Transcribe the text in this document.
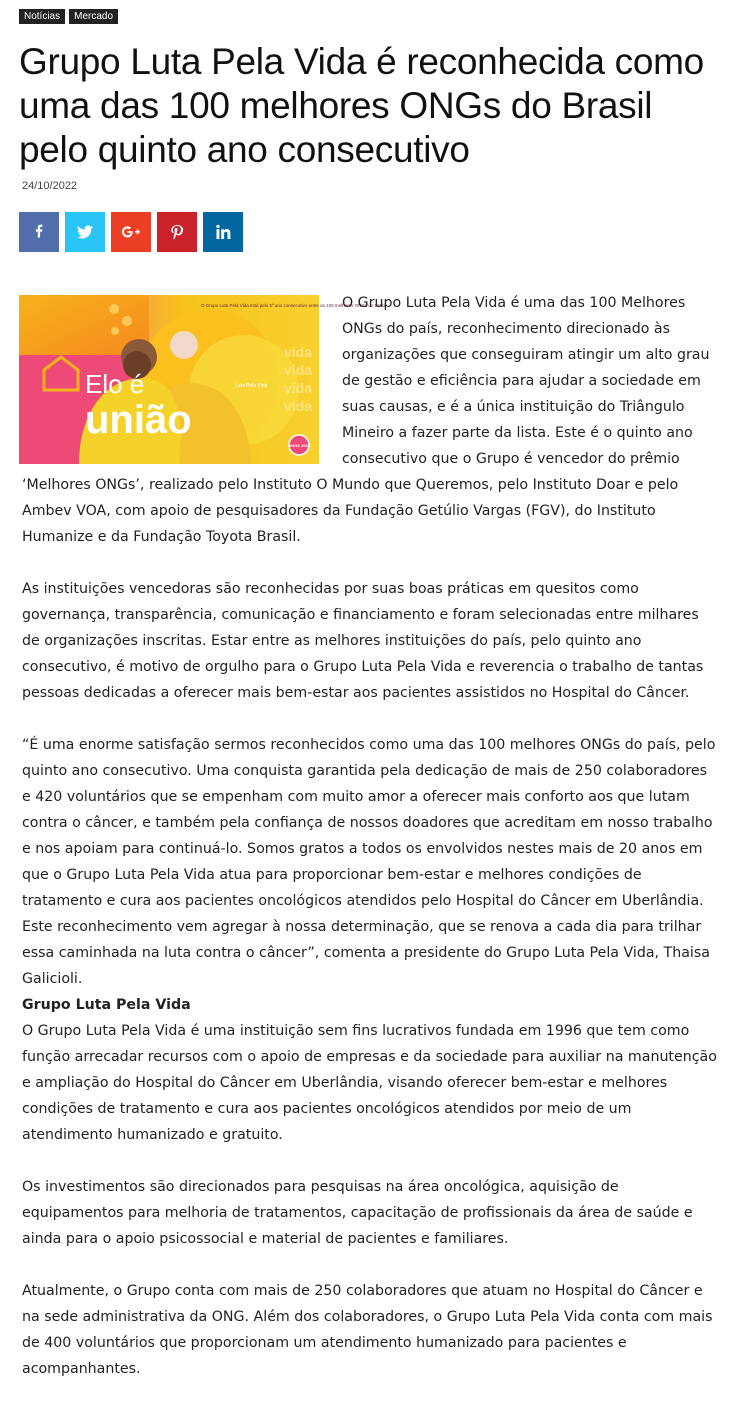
Notícias	Mercado
Grupo Luta Pela Vida é reconhecida como uma das 100 melhores ONGs do Brasil pelo quinto ano consecutivo
24/10/2022
Elo é
união
O Grupo Luta Pela Vida está pelo 5º ano consecutivo entre as 100 melhores ONGs do Brasil
Luta Pela Vida
vida
vida
vida
vida
ONGS 2022

O Grupo Luta Pela Vida é uma das 100 Melhores ONGs do país, reconhecimento direcionado às organizações que conseguiram atingir um alto grau de gestão e eficiência para ajudar a sociedade em suas causas, e é a única instituição do Triângulo Mineiro a fazer parte da lista. Este é o quinto ano consecutivo que o Grupo é vencedor do prêmio ‘Melhores ONGs’, realizado pelo Instituto O Mundo que Queremos, pelo Instituto Doar e pelo Ambev VOA, com apoio de pesquisadores da Fundação Getúlio Vargas (FGV), do Instituto Humanize e da Fundação Toyota Brasil.

As instituições vencedoras são reconhecidas por suas boas práticas em quesitos como governança, transparência, comunicação e financiamento e foram selecionadas entre milhares de organizações inscritas. Estar entre as melhores instituições do país, pelo quinto ano consecutivo, é motivo de orgulho para o Grupo Luta Pela Vida e reverencia o trabalho de tantas pessoas dedicadas a oferecer mais bem-estar aos pacientes assistidos no Hospital do Câncer.

“É uma enorme satisfação sermos reconhecidos como uma das 100 melhores ONGs do país, pelo quinto ano consecutivo. Uma conquista garantida pela dedicação de mais de 250 colaboradores e 420 voluntários que se empenham com muito amor a oferecer mais conforto aos que lutam contra o câncer, e também pela confiança de nossos doadores que acreditam em nosso trabalho e nos apoiam para continuá-lo. Somos gratos a todos os envolvidos nestes mais de 20 anos em que o Grupo Luta Pela Vida atua para proporcionar bem-estar e melhores condições de tratamento e cura aos pacientes oncológicos atendidos pelo Hospital do Câncer em Uberlândia. Este reconhecimento vem agregar à nossa determinação, que se renova a cada dia para trilhar essa caminhada na luta contra o câncer”, comenta a presidente do Grupo Luta Pela Vida, Thaisa Galicioli.

Grupo Luta Pela Vida

O Grupo Luta Pela Vida é uma instituição sem fins lucrativos fundada em 1996 que tem como função arrecadar recursos com o apoio de empresas e da sociedade para auxiliar na manutenção e ampliação do Hospital do Câncer em Uberlândia, visando oferecer bem-estar e melhores condições de tratamento e cura aos pacientes oncológicos atendidos por meio de um atendimento humanizado e gratuito.

Os investimentos são direcionados para pesquisas na área oncológica, aquisição de equipamentos para melhoria de tratamentos, capacitação de profissionais da área de saúde e ainda para o apoio psicossocial e material de pacientes e familiares.

Atualmente, o Grupo conta com mais de 250 colaboradores que atuam no Hospital do Câncer e na sede administrativa da ONG. Além dos colaboradores, o Grupo Luta Pela Vida conta com mais de 400 voluntários que proporcionam um atendimento humanizado para pacientes e acompanhantes.
